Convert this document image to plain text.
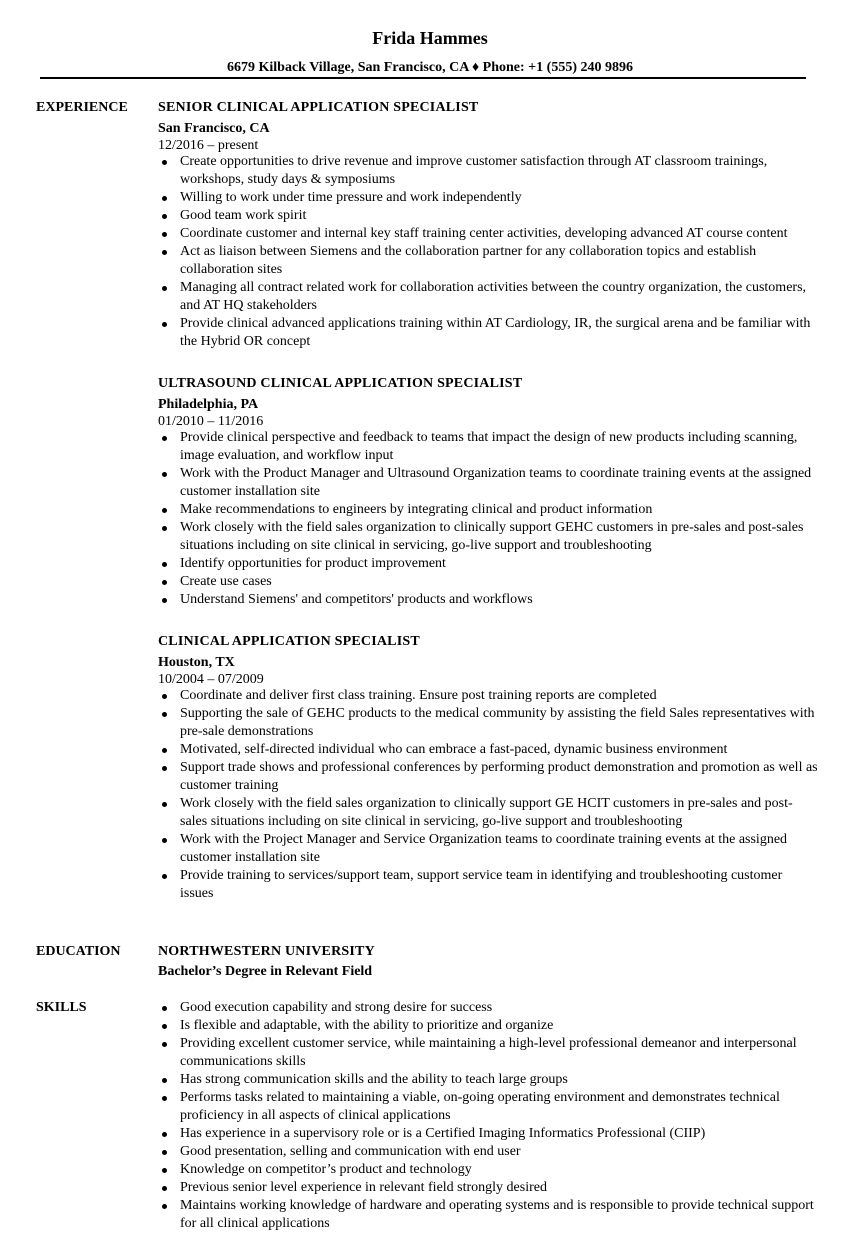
Frida Hammes
6679 Kilback Village, San Francisco, CA ♦ Phone: +1 (555) 240 9896
EXPERIENCE SENIOR CLINICAL APPLICATION SPECIALIST
San Francisco, CA
12/2016 – present
Create opportunities to drive revenue and improve customer satisfaction through AT classroom trainings, workshops, study days & symposiums
Willing to work under time pressure and work independently
Good team work spirit
Coordinate customer and internal key staff training center activities, developing advanced AT course content
Act as liaison between Siemens and the collaboration partner for any collaboration topics and establish collaboration sites
Managing all contract related work for collaboration activities between the country organization, the customers, and AT HQ stakeholders
Provide clinical advanced applications training within AT Cardiology, IR, the surgical arena and be familiar with the Hybrid OR concept
ULTRASOUND CLINICAL APPLICATION SPECIALIST
Philadelphia, PA
01/2010 – 11/2016
Provide clinical perspective and feedback to teams that impact the design of new products including scanning, image evaluation, and workflow input
Work with the Product Manager and Ultrasound Organization teams to coordinate training events at the assigned customer installation site
Make recommendations to engineers by integrating clinical and product information
Work closely with the field sales organization to clinically support GEHC customers in pre-sales and post-sales situations including on site clinical in servicing, go-live support and troubleshooting
Identify opportunities for product improvement
Create use cases
Understand Siemens' and competitors' products and workflows
CLINICAL APPLICATION SPECIALIST
Houston, TX
10/2004 – 07/2009
Coordinate and deliver first class training. Ensure post training reports are completed
Supporting the sale of GEHC products to the medical community by assisting the field Sales representatives with pre-sale demonstrations
Motivated, self-directed individual who can embrace a fast-paced, dynamic business environment
Support trade shows and professional conferences by performing product demonstration and promotion as well as customer training
Work closely with the field sales organization to clinically support GE HCIT customers in pre-sales and post-sales situations including on site clinical in servicing, go-live support and troubleshooting
Work with the Project Manager and Service Organization teams to coordinate training events at the assigned customer installation site
Provide training to services/support team, support service team in identifying and troubleshooting customer issues
EDUCATION	NORTHWESTERN UNIVERSITY
Bachelor’s Degree in Relevant Field
SKILLS	Good execution capability and strong desire for success
Is flexible and adaptable, with the ability to prioritize and organize
Providing excellent customer service, while maintaining a high-level professional demeanor and interpersonal communications skills
Has strong communication skills and the ability to teach large groups
Performs tasks related to maintaining a viable, on-going operating environment and demonstrates technical proficiency in all aspects of clinical applications
Has experience in a supervisory role or is a Certified Imaging Informatics Professional (CIIP)
Good presentation, selling and communication with end user
Knowledge on competitor’s product and technology
Previous senior level experience in relevant field strongly desired
Maintains working knowledge of hardware and operating systems and is responsible to provide technical support for all clinical applications
